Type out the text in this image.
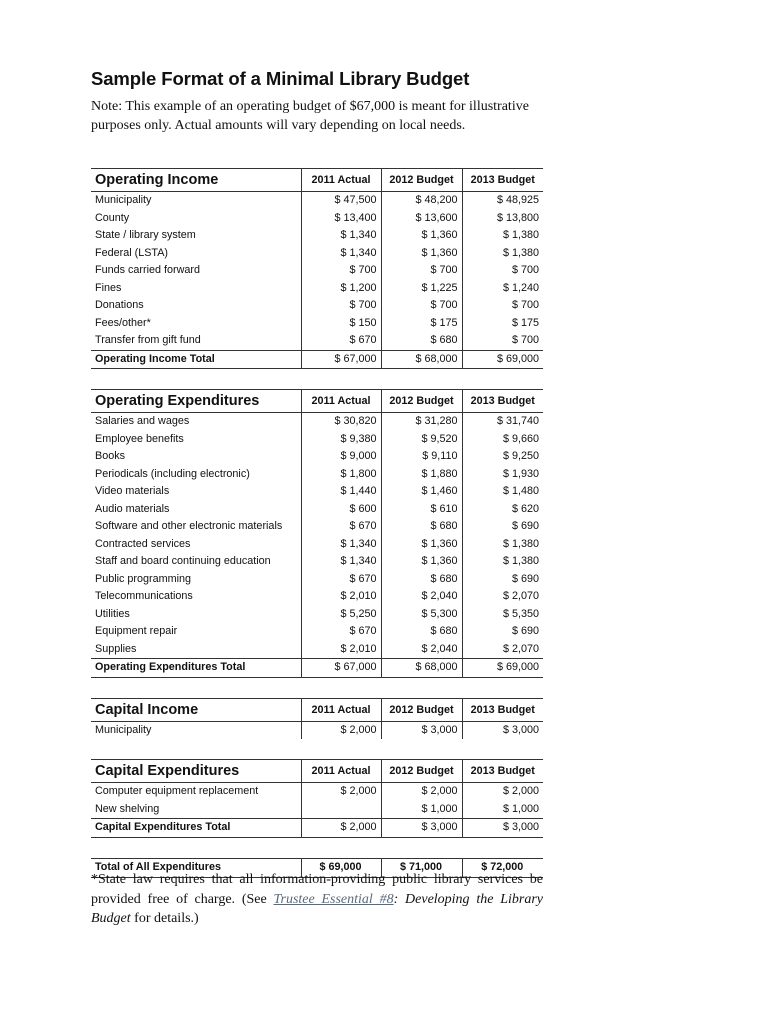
Sample Format of a Minimal Library Budget

Note: This example of an operating budget of $67,000 is meant for illustrative
purposes only. Actual amounts will vary depending on local needs.

Operating Income	2011 Actual	2012 Budget	2013 Budget
Municipality	$ 47,500	$ 48,200	$ 48,925
County	$ 13,400	$ 13,600	$ 13,800
State / library system	$ 1,340	$ 1,360	$ 1,380
Federal (LSTA)	$ 1,340	$ 1,360	$ 1,380
Funds carried forward	$ 700	$ 700	$ 700
Fines	$ 1,200	$ 1,225	$ 1,240
Donations	$ 700	$ 700	$ 700
Fees/other*	$ 150	$ 175	$ 175
Transfer from gift fund	$ 670	$ 680	$ 700
Operating Income Total	$ 67,000	$ 68,000	$ 69,000

Operating Expenditures	2011 Actual	2012 Budget	2013 Budget
Salaries and wages	$ 30,820	$ 31,280	$ 31,740
Employee benefits	$ 9,380	$ 9,520	$ 9,660
Books	$ 9,000	$ 9,110	$ 9,250
Periodicals (including electronic)	$ 1,800	$ 1,880	$ 1,930
Video materials	$ 1,440	$ 1,460	$ 1,480
Audio materials	$ 600	$ 610	$ 620
Software and other electronic materials	$ 670	$ 680	$ 690
Contracted services	$ 1,340	$ 1,360	$ 1,380
Staff and board continuing education	$ 1,340	$ 1,360	$ 1,380
Public programming	$ 670	$ 680	$ 690
Telecommunications	$ 2,010	$ 2,040	$ 2,070
Utilities	$ 5,250	$ 5,300	$ 5,350
Equipment repair	$ 670	$ 680	$ 690
Supplies	$ 2,010	$ 2,040	$ 2,070
Operating Expenditures Total	$ 67,000	$ 68,000	$ 69,000

Capital Income	2011 Actual	2012 Budget	2013 Budget
Municipality	$ 2,000	$ 3,000	$ 3,000

Capital Expenditures	2011 Actual	2012 Budget	2013 Budget
Computer equipment replacement	$ 2,000	$ 2,000	$ 2,000
New shelving		$ 1,000	$ 1,000
Capital Expenditures Total	$ 2,000	$ 3,000	$ 3,000

Total of All Expenditures	$ 69,000	$ 71,000	$ 72,000

*State law requires that all information-providing public library services be provided free of charge. (See Trustee Essential #8: Developing the Library Budget for details.)
